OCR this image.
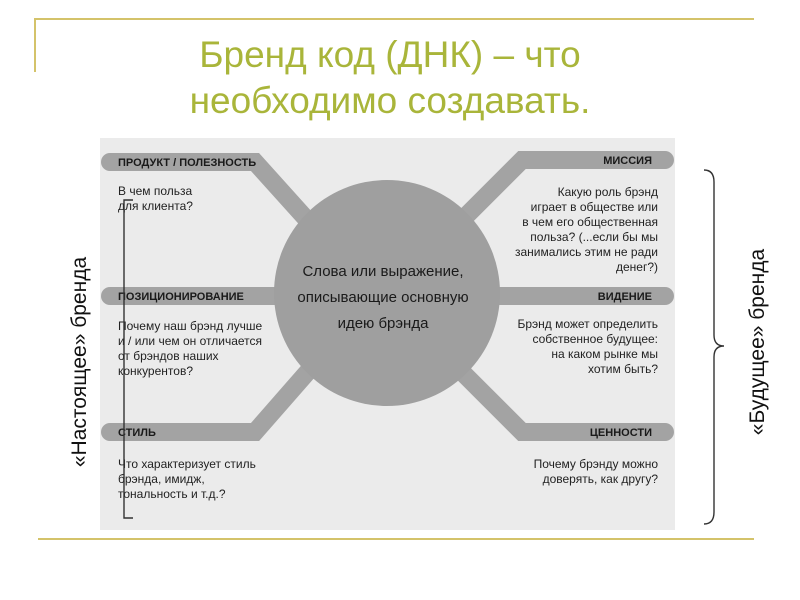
Бренд код (ДНК) – что
необходимо создавать.
Слова или выражение,
описывающие основную
идею брэнда
ПРОДУКТ / ПОЛЕЗНОСТЬ
ПОЗИЦИОНИРОВАНИЕ
СТИЛЬ
МИССИЯ
ВИДЕНИЕ
ЦЕННОСТИ
В чем польза
для клиента?
Почему наш брэнд лучше
и / или чем он отличается
от брэндов наших
конкурентов?
Что характеризует стиль
брэнда, имидж,
тональность и т.д.?
Какую роль брэнд
играет в обществе или
в чем его общественная
польза? (...если бы мы
занимались этим не ради
денег?)
Брэнд может определить
собственное будущее:
на каком рынке мы
хотим быть?
Почему брэнду можно
доверять, как другу?
«Настоящее» бренда	«Будущее» бренда
